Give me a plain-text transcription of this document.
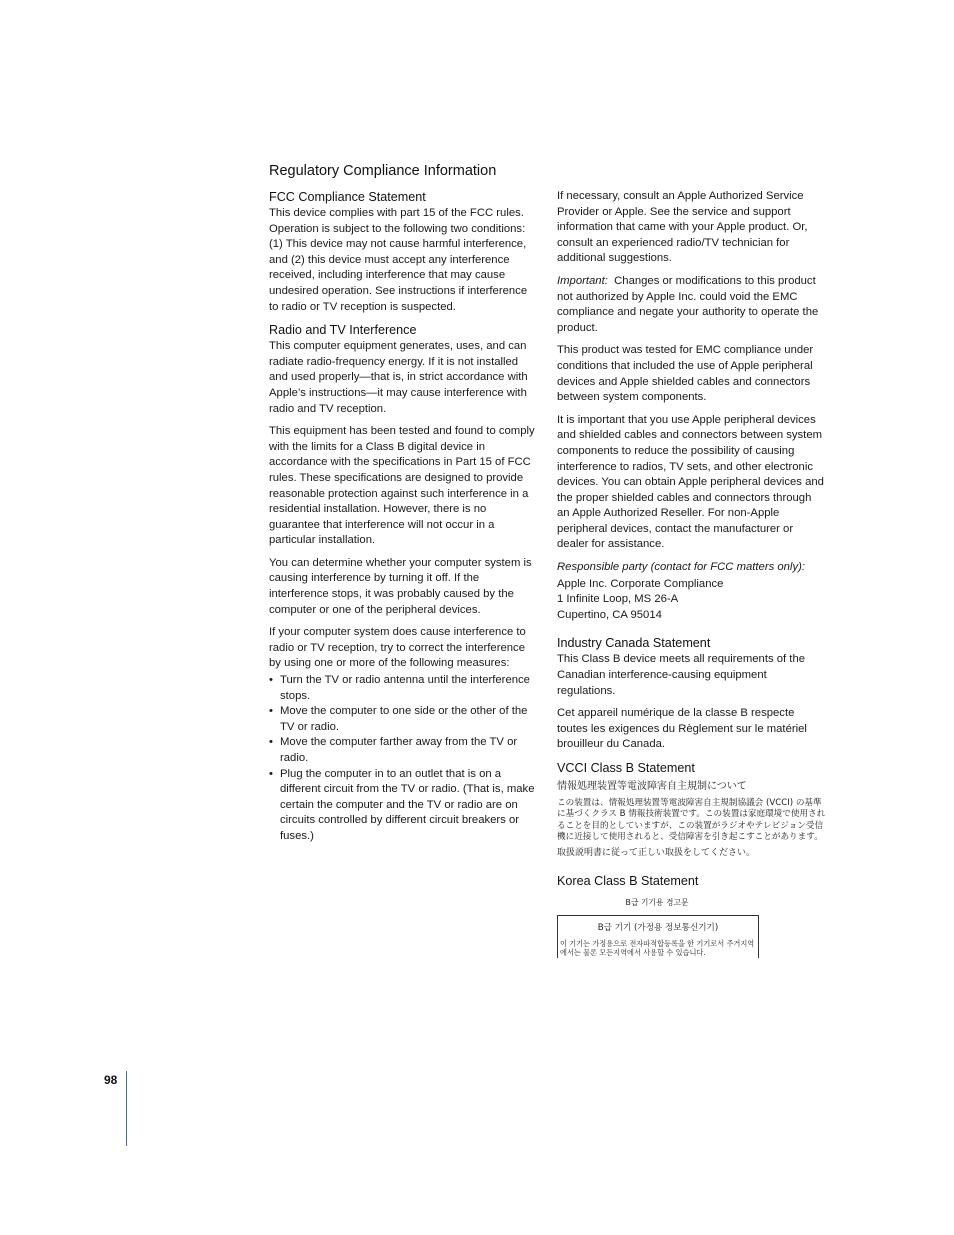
Regulatory Compliance Information
FCC Compliance Statement

This device complies with part 15 of the FCC rules. Operation is subject to the following two conditions: (1) This device may not cause harmful interference, and (2) this device must accept any interference received, including interference that may cause undesired operation. See instructions if interference to radio or TV reception is suspected.

Radio and TV Interference

This computer equipment generates, uses, and can radiate radio-frequency energy. If it is not installed and used properly—that is, in strict accordance with Apple’s instructions—it may cause interference with radio and TV reception.

This equipment has been tested and found to comply with the limits for a Class B digital device in accordance with the specifications in Part 15 of FCC rules. These specifications are designed to provide reasonable protection against such interference in a residential installation. However, there is no guarantee that interference will not occur in a particular installation.

You can determine whether your computer system is causing interference by turning it off. If the interference stops, it was probably caused by the computer or one of the peripheral devices.

If your computer system does cause interference to radio or TV reception, try to correct the interference by using one or more of the following measures:

• Turn the TV or radio antenna until the interference stops.
• Move the computer to one side or the other of the TV or radio.
• Move the computer farther away from the TV or radio.
• Plug the computer in to an outlet that is on a different circuit from the TV or radio. (That is, make certain the computer and the TV or radio are on circuits controlled by different circuit breakers or fuses.)

If necessary, consult an Apple Authorized Service Provider or Apple. See the service and support information that came with your Apple product. Or, consult an experienced radio/TV technician for additional suggestions.

Important: Changes or modifications to this product not authorized by Apple Inc. could void the EMC compliance and negate your authority to operate the product.

This product was tested for EMC compliance under conditions that included the use of Apple peripheral devices and Apple shielded cables and connectors between system components.

It is important that you use Apple peripheral devices and shielded cables and connectors between system components to reduce the possibility of causing interference to radios, TV sets, and other electronic devices. You can obtain Apple peripheral devices and the proper shielded cables and connectors through an Apple Authorized Reseller. For non-Apple peripheral devices, contact the manufacturer or dealer for assistance.

Responsible party (contact for FCC matters only):

Apple Inc. Corporate Compliance

1 Infinite Loop, MS 26-A

Cupertino, CA 95014

Industry Canada Statement

This Class B device meets all requirements of the Canadian interference-causing equipment regulations.

Cet appareil numérique de la classe B respecte toutes les exigences du Règlement sur le matériel brouilleur du Canada.

VCCI Class B Statement

情報処理装置等電波障害自主規制について

この装置は、情報処理装置等電波障害自主規制協議会 (VCCI) の基準に基づくクラス B 情報技術装置です。この装置は家庭環境で使用されることを目的としていますが、この装置がラジオやテレビジョン受信機に近接して使用されると、受信障害を引き起こすことがあります。

取扱説明書に従って正しい取扱をしてください。

Korea Class B Statement
B급 기기용 경고문

B급 기기 (가정용 정보통신기기)

이 기기는 가정용으로 전자파적합등록을 한 기기로서 주거지역에서는 물론 모든지역에서 사용할 수 있습니다.

98
